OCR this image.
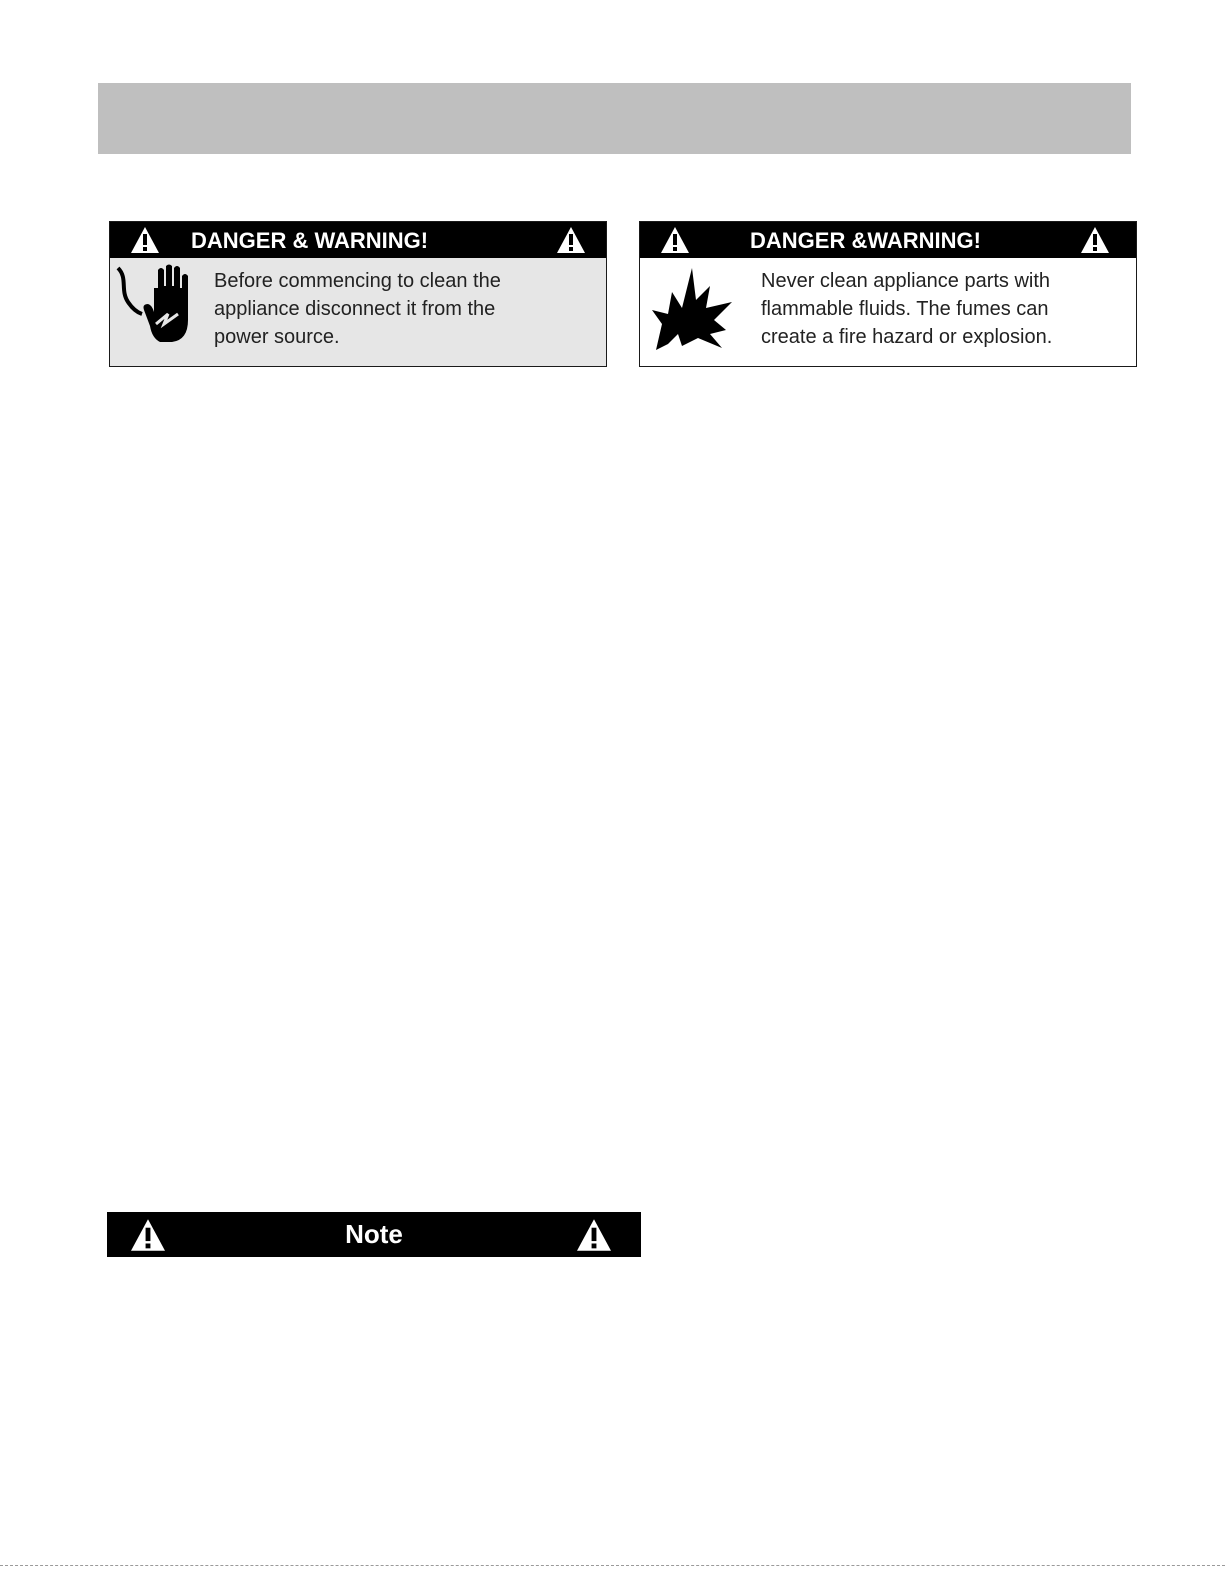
DANGER & WARNING!
Before commencing to clean the
appliance disconnect it from the
power source.
DANGER &WARNING!
Never clean appliance parts with
flammable fluids. The fumes can
create a fire hazard or explosion.
Note
